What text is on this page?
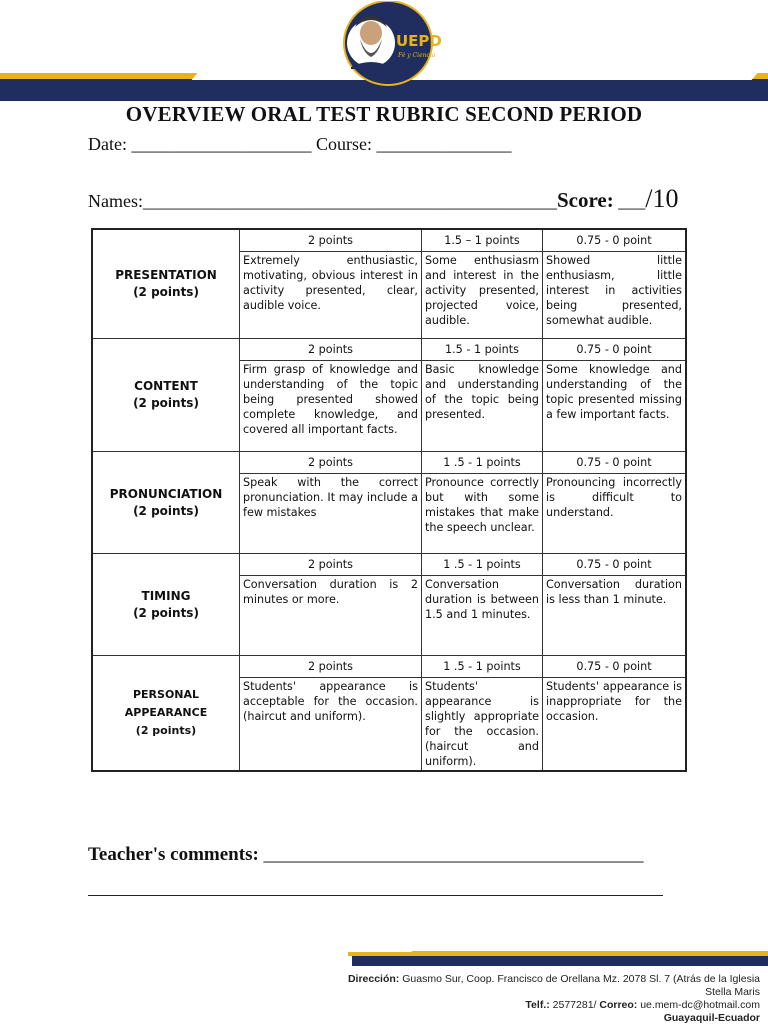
UEPD
Fé y Ciencia
OVERVIEW ORAL TEST RUBRIC SECOND PERIOD
Date: ____________________ Course: _______________
Names:______________________________________________Score: ___/10
PRESENTATION
(2 points)	2 points	1.5 – 1 points	0.75 - 0 point
	Extremely enthusiastic, motivating, obvious interest in activity presented, clear, audible voice.	Some enthusiasm and interest in the activity presented, projected voice, audible.	Showed little enthusiasm, little interest in activities being presented, somewhat audible.
CONTENT
(2 points)	2 points	1.5 - 1 points	0.75 - 0 point
	Firm grasp of knowledge and understanding of the topic being presented showed complete knowledge, and covered all important facts.	Basic knowledge and understanding of the topic being presented.	Some knowledge and understanding of the topic presented missing a few important facts.
PRONUNCIATION
(2 points)	2 points	1 .5 - 1 points	0.75 - 0 point
	Speak with the correct pronunciation. It may include a few mistakes	Pronounce correctly but with some mistakes that make the speech unclear.	Pronouncing incorrectly is difficult to understand.
TIMING
(2 points)	2 points	1 .5 - 1 points	0.75 - 0 point
	Conversation duration is 2 minutes or more.	Conversation duration is between 1.5 and 1 minutes.	Conversation duration is less than 1 minute.
PERSONAL APPEARANCE
(2 points)	2 points	1 .5 - 1 points	0.75 - 0 point
	Students' appearance is acceptable for the occasion. (haircut and uniform).	Students' appearance is slightly appropriate for the occasion. (haircut and uniform).	Students' appearance is inappropriate for the occasion.
Teacher's comments: ________________________________________
Dirección: Guasmo Sur, Coop. Francisco de Orellana Mz. 2078 Sl. 7 (Atrás de la Iglesia Stella Maris
Telf.: 2577281/ Correo: ue.mem-dc@hotmail.com
Guayaquil-Ecuador
